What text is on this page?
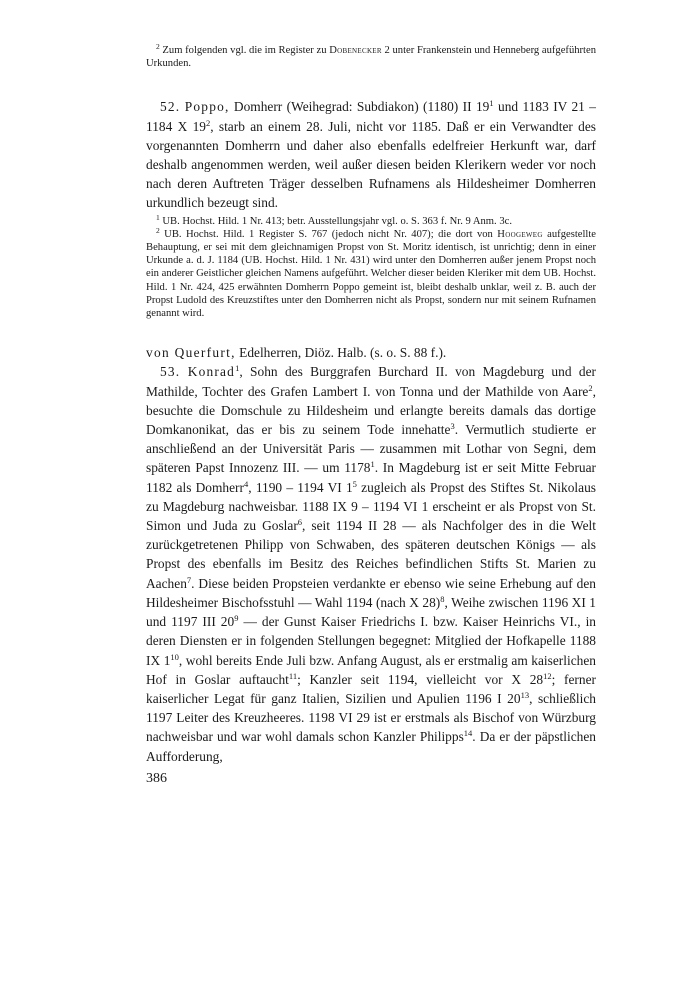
$^2$ Zum folgenden vgl. die im Register zu Dobenecker 2 unter Frankenstein und Henneberg aufgeführten Urkunden.

52. Poppo, Domherr (Weihegrad: Subdiakon) (1180) II $19^1$ und 1183 IV 21 – 1184 X $19^2$, starb an einem 28. Juli, nicht vor 1185. Daß er ein Verwandter des vorgenannten Domherrn und daher also ebenfalls edelfreier Herkunft war, darf deshalb angenommen werden, weil außer diesen beiden Klerikern weder vor noch nach deren Auftreten Träger desselben Rufnamens als Hildesheimer Domherren urkundlich bezeugt sind.

$^1$ UB. Hochst. Hild. 1 Nr. 413; betr. Ausstellungsjahr vgl. o. S. 363 f. Nr. 9 Anm. 3c.

$^2$ UB. Hochst. Hild. 1 Register S. 767 (jedoch nicht Nr. 407); die dort von Hoogeweg aufgestellte Behauptung, er sei mit dem gleichnamigen Propst von St. Moritz identisch, ist unrichtig; denn in einer Urkunde a. d. J. 1184 (UB. Hochst. Hild. 1 Nr. 431) wird unter den Domherren außer jenem Propst noch ein anderer Geistlicher gleichen Namens aufgeführt. Welcher dieser beiden Kleriker mit dem UB. Hochst. Hild. 1 Nr. 424, 425 erwähnten Domherrn Poppo gemeint ist, bleibt deshalb unklar, weil z. B. auch der Propst Ludold des Kreuzstiftes unter den Domherren nicht als Propst, sondern nur mit seinem Rufnamen genannt wird.

von Querfurt, Edelherren, Diöz. Halb. (s. o. S. 88 f.).

53. Konrad$^1$, Sohn des Burggrafen Burchard II. von Magdeburg und der Mathilde, Tochter des Grafen Lambert I. von Tonna und der Mathilde von Aare$^2$, besuchte die Domschule zu Hildesheim und erlangte bereits damals das dortige Domkanonikat, das er bis zu seinem Tode innehatte$^3$. Vermutlich studierte er anschließend an der Universität Paris — zusammen mit Lothar von Segni, dem späteren Papst Innozenz III. — um 1178$^1$. In Magdeburg ist er seit Mitte Februar 1182 als Domherr$^4$, 1190 – 1194 VI $1^5$ zugleich als Propst des Stiftes St. Nikolaus zu Magdeburg nachweisbar. 1188 IX 9 – 1194 VI 1 erscheint er als Propst von St. Simon und Juda zu Goslar$^6$, seit 1194 II 28 — als Nachfolger des in die Welt zurückgetretenen Philipp von Schwaben, des späteren deutschen Königs — als Propst des ebenfalls im Besitz des Reiches befindlichen Stifts St. Marien zu Aachen$^7$. Diese beiden Propsteien verdankte er ebenso wie seine Erhebung auf den Hildesheimer Bischofsstuhl — Wahl 1194 (nach X 28)$^8$, Weihe zwischen 1196 XI 1 und 1197 III $20^9$ — der Gunst Kaiser Friedrichs I. bzw. Kaiser Heinrichs VI., in deren Diensten er in folgenden Stellungen begegnet: Mitglied der Hofkapelle 1188 IX $1^{10}$, wohl bereits Ende Juli bzw. Anfang August, als er erstmalig am kaiserlichen Hof in Goslar auftaucht$^{11}$; Kanzler seit 1194, vielleicht vor X $28^{12}$; ferner kaiserlicher Legat für ganz Italien, Sizilien und Apulien 1196 I $20^{13}$, schließlich 1197 Leiter des Kreuzheeres. 1198 VI 29 ist er erstmals als Bischof von Würzburg nachweisbar und war wohl damals schon Kanzler Philipps$^{14}$. Da er der päpstlichen Aufforderung,

386
